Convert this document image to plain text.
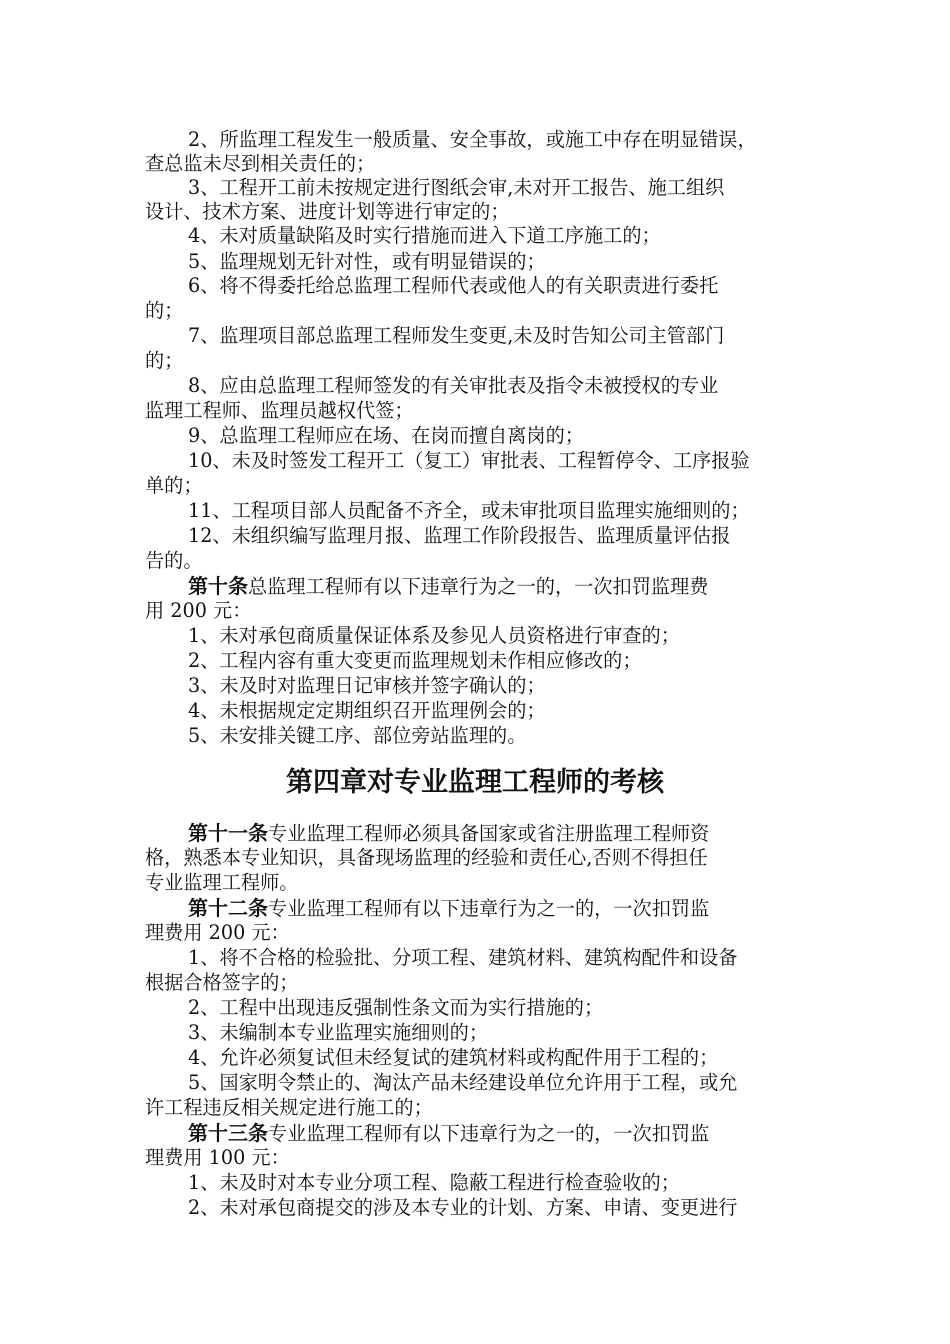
2、所监理工程发生一般质量、安全事故，或施工中存在明显错误，
查总监未尽到相关责任的；
3、工程开工前未按规定进行图纸会审,未对开工报告、施工组织
设计、技术方案、进度计划等进行审定的；
4、未对质量缺陷及时实行措施而进入下道工序施工的；
5、监理规划无针对性，或有明显错误的；
6、将不得委托给总监理工程师代表或他人的有关职责进行委托
的；
7、监理项目部总监理工程师发生变更,未及时告知公司主管部门
的；
8、应由总监理工程师签发的有关审批表及指令未被授权的专业
监理工程师、监理员越权代签；
9、总监理工程师应在场、在岗而擅自离岗的；
10、未及时签发工程开工（复工）审批表、工程暂停令、工序报验
单的；
11、工程项目部人员配备不齐全，或未审批项目监理实施细则的；
12、未组织编写监理月报、监理工作阶段报告、监理质量评估报
告的。
第十条总监理工程师有以下违章行为之一的，一次扣罚监理费
用 200 元：
1、未对承包商质量保证体系及参见人员资格进行审查的；
2、工程内容有重大变更而监理规划未作相应修改的；
3、未及时对监理日记审核并签字确认的；
4、未根据规定定期组织召开监理例会的；
5、未安排关键工序、部位旁站监理的。
第四章对专业监理工程师的考核
第十一条专业监理工程师必须具备国家或省注册监理工程师资
格，熟悉本专业知识，具备现场监理的经验和责任心,否则不得担任
专业监理工程师。
第十二条专业监理工程师有以下违章行为之一的，一次扣罚监
理费用 200 元：
1、将不合格的检验批、分项工程、建筑材料、建筑构配件和设备
根据合格签字的；
2、工程中出现违反强制性条文而为实行措施的；
3、未编制本专业监理实施细则的；
4、允许必须复试但未经复试的建筑材料或构配件用于工程的；
5、国家明令禁止的、淘汰产品未经建设单位允许用于工程，或允
许工程违反相关规定进行施工的；
第十三条专业监理工程师有以下违章行为之一的，一次扣罚监
理费用 100 元：
1、未及时对本专业分项工程、隐蔽工程进行检查验收的；
2、未对承包商提交的涉及本专业的计划、方案、申请、变更进行
